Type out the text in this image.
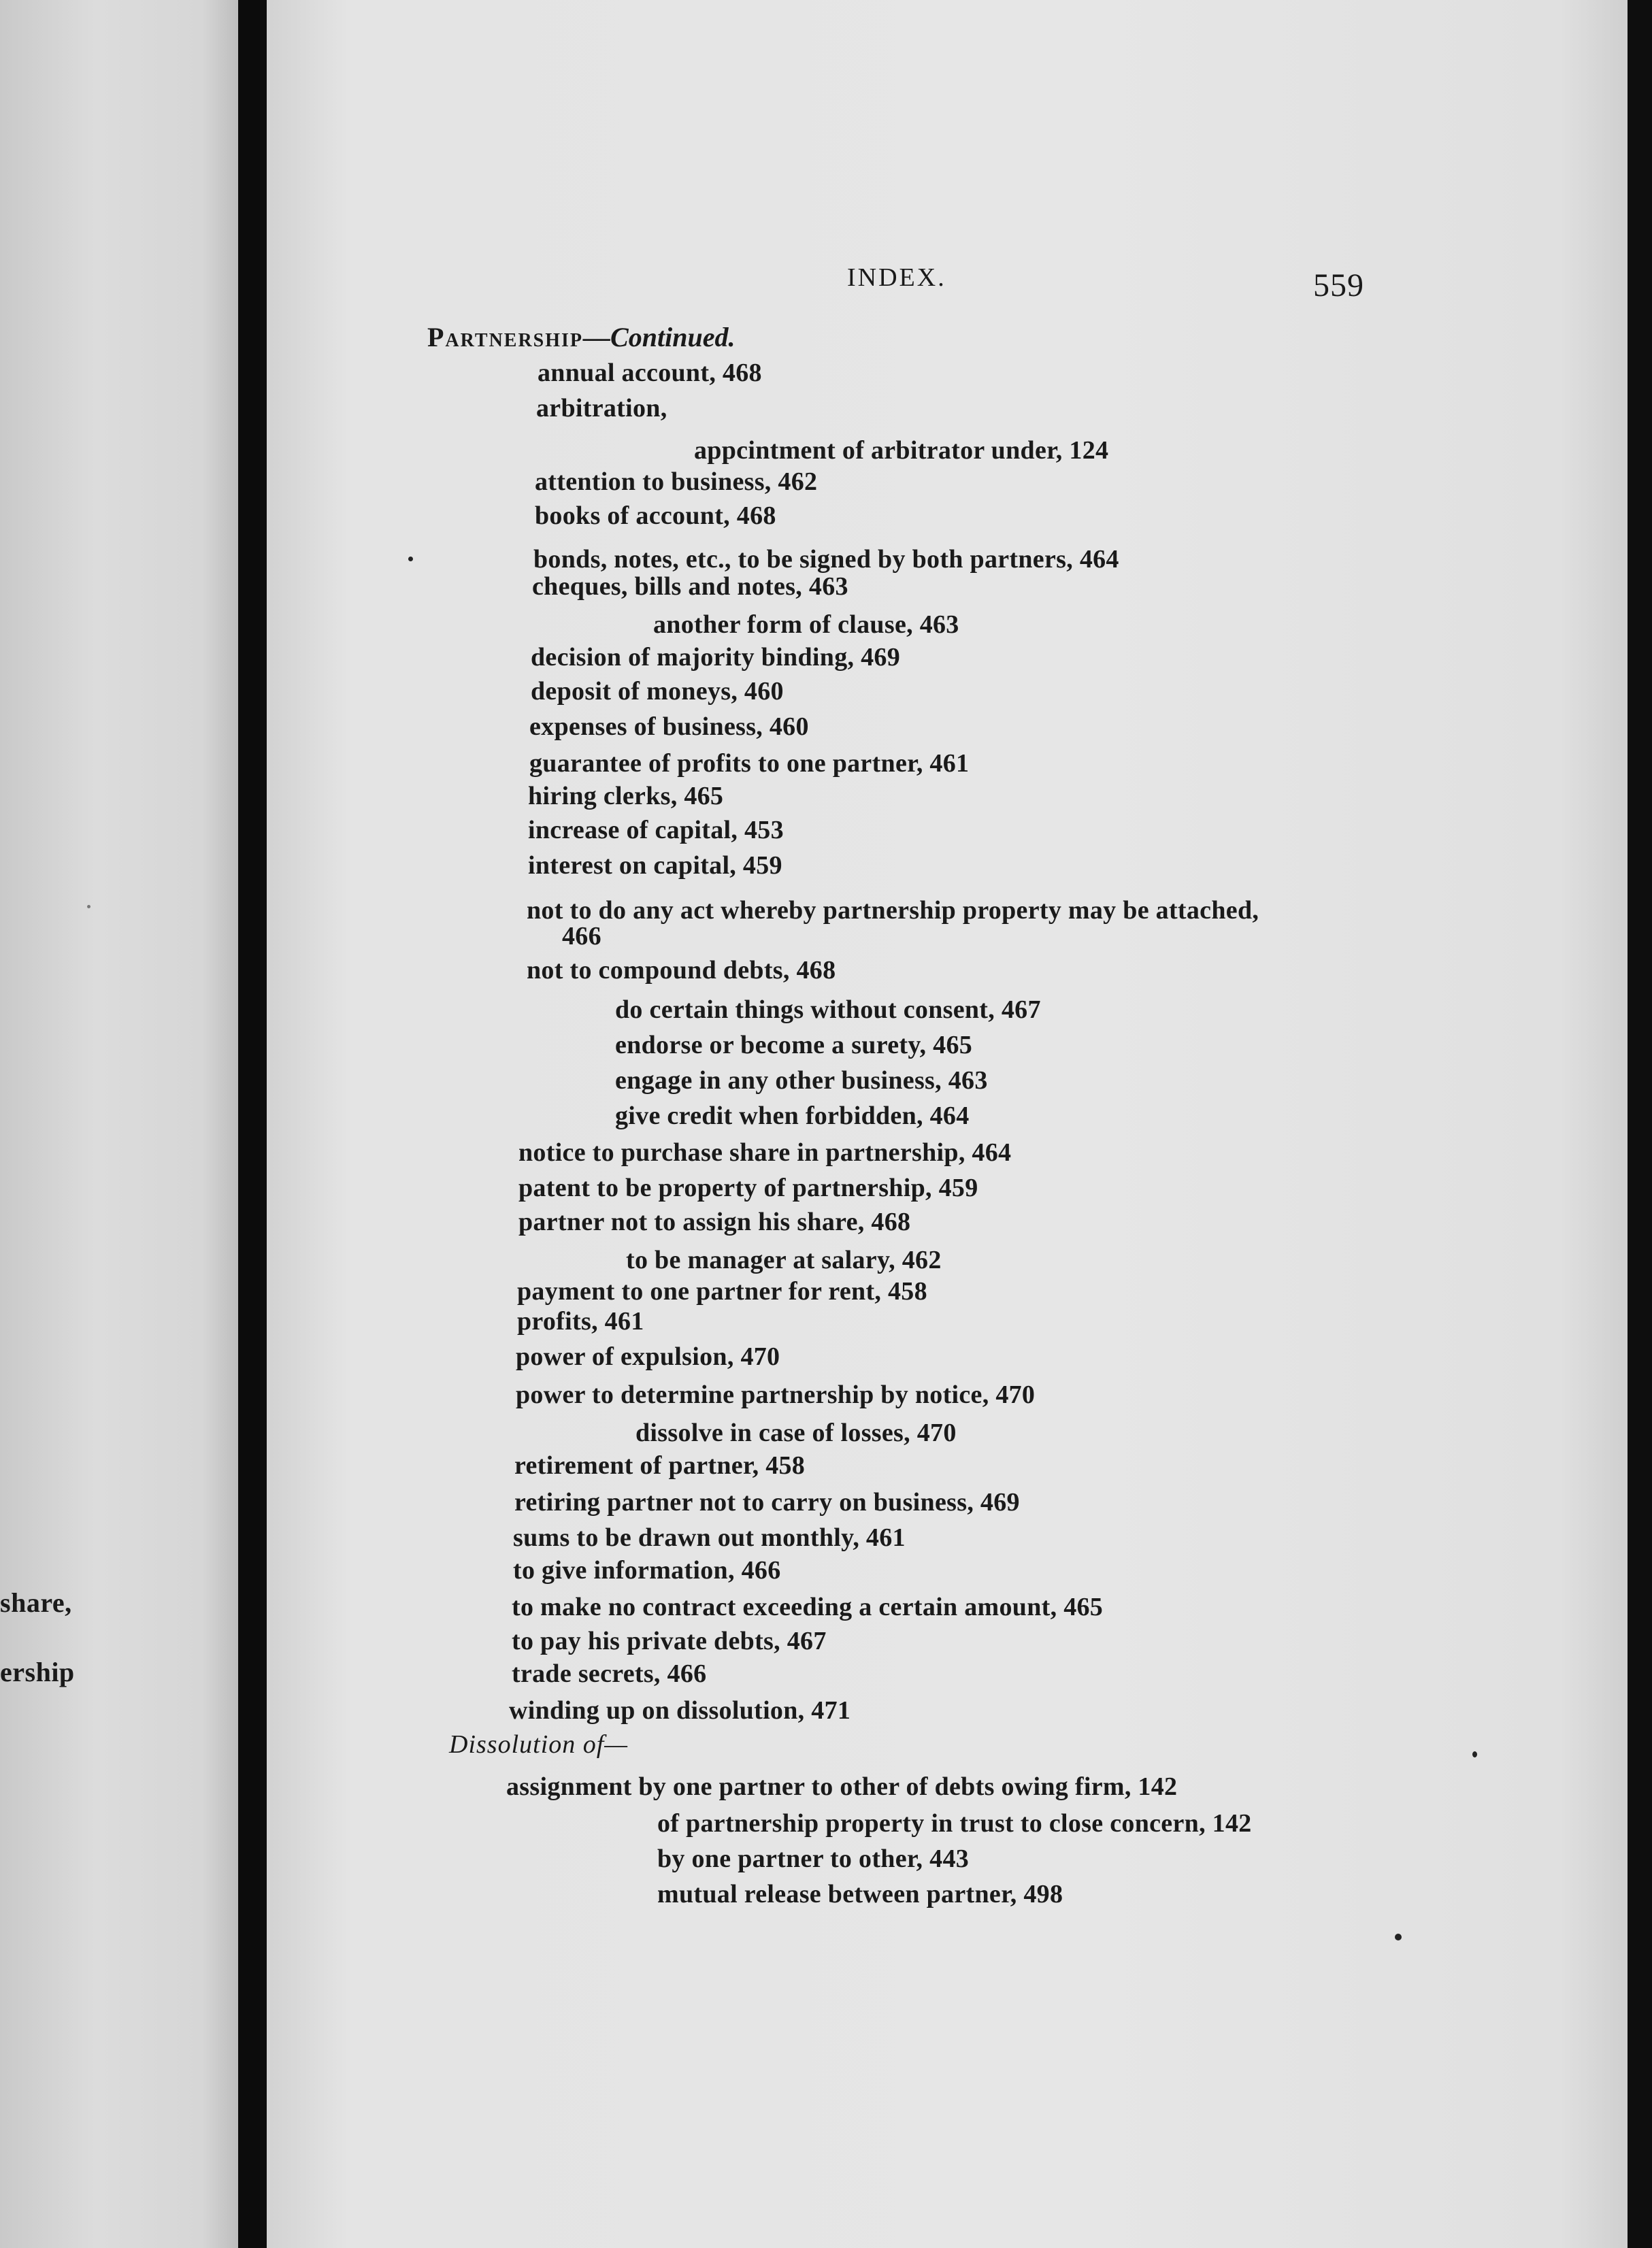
share,
ership
INDEX.	559
Partnership—Continued.
annual account, 468
arbitration,
appcintment of arbitrator under, 124
attention to business, 462
books of account, 468
bonds, notes, etc., to be signed by both partners, 464
cheques, bills and notes, 463
another form of clause, 463
decision of majority binding, 469
deposit of moneys, 460
expenses of business, 460
guarantee of profits to one partner, 461
hiring clerks, 465
increase of capital, 453
interest on capital, 459
not to do any act whereby partnership property may be attached,
466
not to compound debts, 468
do certain things without consent, 467
endorse or become a surety, 465
engage in any other business, 463
give credit when forbidden, 464
notice to purchase share in partnership, 464
patent to be property of partnership, 459
partner not to assign his share, 468
to be manager at salary, 462
payment to one partner for rent, 458
profits, 461
power of expulsion, 470
power to determine partnership by notice, 470
dissolve in case of losses, 470
retirement of partner, 458
retiring partner not to carry on business, 469
sums to be drawn out monthly, 461
to give information, 466
to make no contract exceeding a certain amount, 465
to pay his private debts, 467
trade secrets, 466
winding up on dissolution, 471
Dissolution of—
assignment by one partner to other of debts owing firm, 142
of partnership property in trust to close concern, 142
by one partner to other, 443
mutual release between partner, 498
